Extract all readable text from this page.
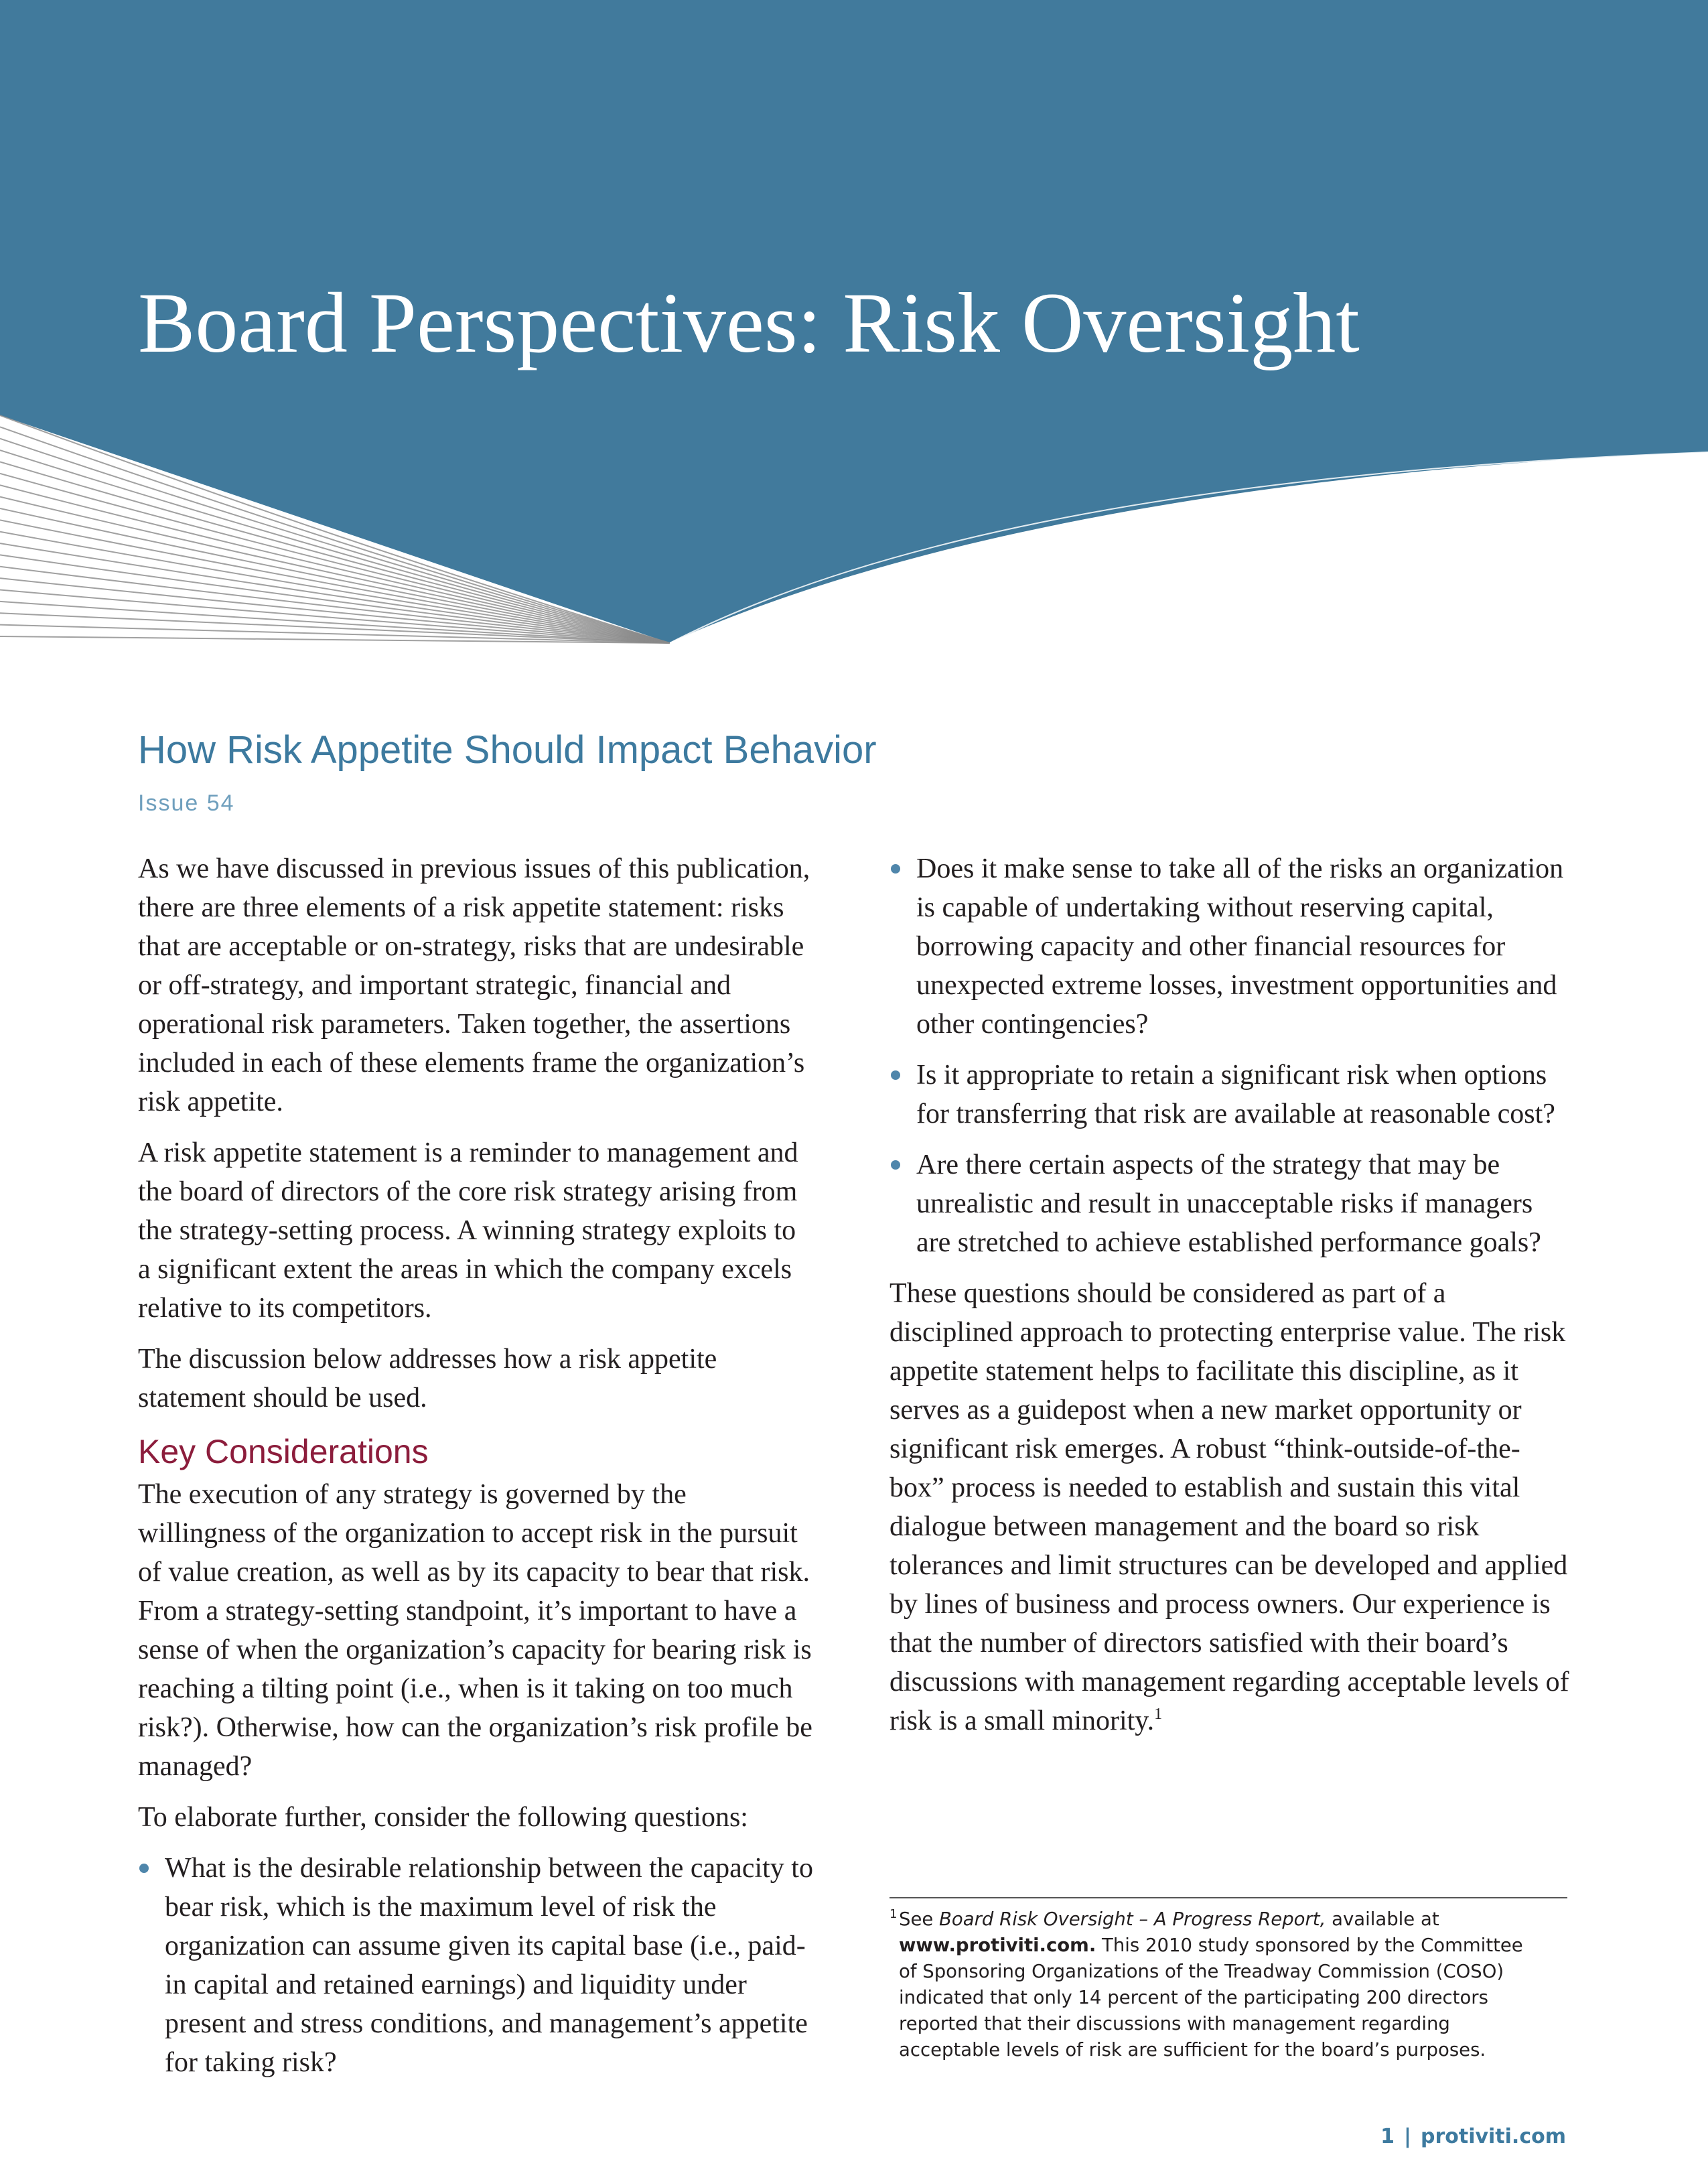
Board Perspectives: Risk Oversight
How Risk Appetite Should Impact Behavior
Issue 54

As we have discussed in previous issues of this publication, there are three elements of a risk appetite statement: risks that are acceptable or on-strategy, risks that are undesirable or off-strategy, and important strategic, financial and operational risk parameters. Taken together, the assertions included in each of these elements frame the organization’s risk appetite.

A risk appetite statement is a reminder to management and the board of directors of the core risk strategy arising from the strategy-setting process. A winning strategy exploits to a significant extent the areas in which the company excels relative to its competitors.

The discussion below addresses how a risk appetite statement should be used.

Key Considerations

The execution of any strategy is governed by the willingness of the organization to accept risk in the pursuit of value creation, as well as by its capacity to bear that risk. From a strategy-setting standpoint, it’s important to have a sense of when the organization’s capacity for bearing risk is reaching a tilting point (i.e., when is it taking on too much risk?). Otherwise, how can the organization’s risk profile be managed?

To elaborate further, consider the following questions:

What is the desirable relationship between the capacity to bear risk, which is the maximum level of risk the organization can assume given its capital base (i.e., paid-in capital and retained earnings) and liquidity under present and stress conditions, and management’s appetite for taking risk?
Does it make sense to take all of the risks an organization is capable of undertaking without reserving capital, borrowing capacity and other financial resources for unexpected extreme losses, investment opportunities and other contingencies?
Is it appropriate to retain a significant risk when options for transferring that risk are available at reasonable cost?
Are there certain aspects of the strategy that may be unrealistic and result in unacceptable risks if managers are stretched to achieve established performance goals?

These questions should be considered as part of a disciplined approach to protecting enterprise value. The risk appetite statement helps to facilitate this discipline, as it serves as a guidepost when a new market opportunity or significant risk emerges. A robust “think-outside-of-the-box” process is needed to establish and sustain this vital dialogue between management and the board so risk tolerances and limit structures can be developed and applied by lines of business and process owners. Our experience is that the number of directors satisfied with their board’s discussions with management regarding acceptable levels of risk is a small minority.$^1$

1 See Board Risk Oversight – A Progress Report, available at
www.protiviti.com. This 2010 study sponsored by the Committee
of Sponsoring Organizations of the Treadway Commission (COSO)
indicated that only 14 percent of the participating 200 directors
reported that their discussions with management regarding
acceptable levels of risk are sufficient for the board’s purposes.
1 | protiviti.com
